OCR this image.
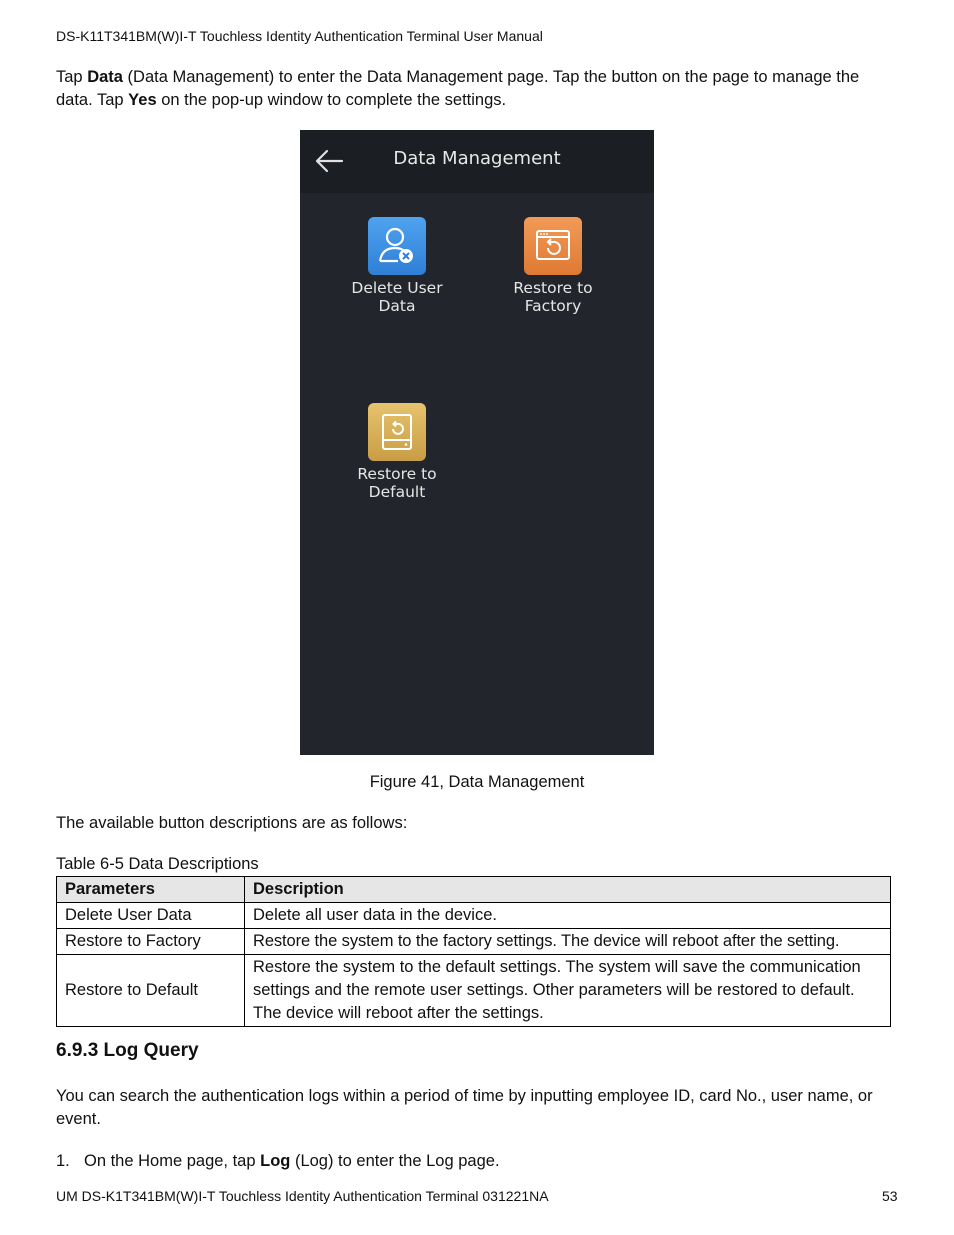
DS-K11T341BM(W)I-T Touchless Identity Authentication Terminal User Manual
Tap Data (Data Management) to enter the Data Management page. Tap the button on the page to manage the data. Tap Yes on the pop-up window to complete the settings.
Data Management
Delete User
Data
Restore to
Factory
Restore to
Default
Figure 41, Data Management
The available button descriptions are as follows:
Table 6-5 Data Descriptions
Parameters	Description
Delete User Data	Delete all user data in the device.
Restore to Factory	Restore the system to the factory settings. The device will reboot after the setting.
Restore to Default	Restore the system to the default settings. The system will save the communication settings and the remote user settings. Other parameters will be restored to default. The device will reboot after the settings.
6.9.3 Log Query
You can search the authentication logs within a period of time by inputting employee ID, card No., user name, or event.
1. On the Home page, tap Log (Log) to enter the Log page.
UM DS-K1T341BM(W)I-T Touchless Identity Authentication Terminal 031221NA	53
